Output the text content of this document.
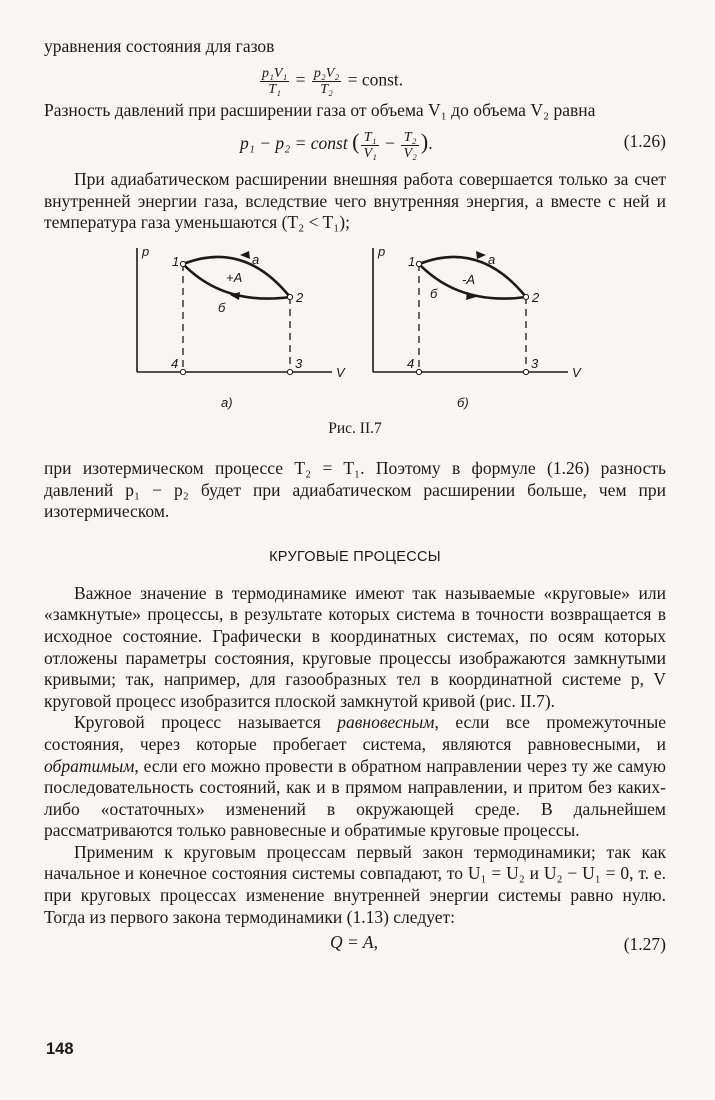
уравнения состояния для газов

$\frac{\text{p₁V₁}}{\text{T₁}} = \frac{\text{p₂V₂}}{\text{T₂}}$ = const.

Разность давлений при расширении газа от объема V₁ до объема V₂ равна

p₁ − p₂ = const ( $\frac{\text{T₁}}{\text{V₁}} - \frac{\text{T₂}}{\text{V₂}}$ ).	(1.26)

При адиабатическом расширении внешняя работа совершается только за счет внутренней энергии газа, вследствие чего внутренняя энергия, а вместе с ней и температура газа уменьшаются (T₂ < T₁);

p
V
1
2
3
4
a
б
+A
a)
p
V
1
2
3
4
a
б
-A
б)
Рис. II.7

при изотермическом процессе T₂ = T₁. Поэтому в формуле (1.26) разность давлений p₁ − p₂ будет при адиабатическом расширении больше, чем при изотермическом.

КРУГОВЫЕ ПРОЦЕССЫ

Важное значение в термодинамике имеют так называемые «круговые» или «замкнутые» процессы, в результате которых система в точности возвращается в исходное состояние. Графически в координатных системах, по осям которых отложены параметры состояния, круговые процессы изображаются замкнутыми кривыми; так, например, для газообразных тел в координатной системе p, V круговой процесс изобразится плоской замкнутой кривой (рис. II.7).

Круговой процесс называется равновесным, если все промежуточные состояния, через которые пробегает система, являются равновесными, и обратимым, если его можно провести в обратном направлении через ту же самую последовательность состояний, как и в прямом направлении, и притом без каких-либо «остаточных» изменений в окружающей среде. В дальнейшем рассматриваются только равновесные и обратимые круговые процессы.

Применим к круговым процессам первый закон термодинамики; так как начальное и конечное состояния системы совпадают, то U₁ = U₂ и U₂ − U₁ = 0, т. е. при круговых процессах изменение внутренней энергии системы равно нулю. Тогда из первого закона термодинамики (1.13) следует:

Q = A,	(1.27)
148
